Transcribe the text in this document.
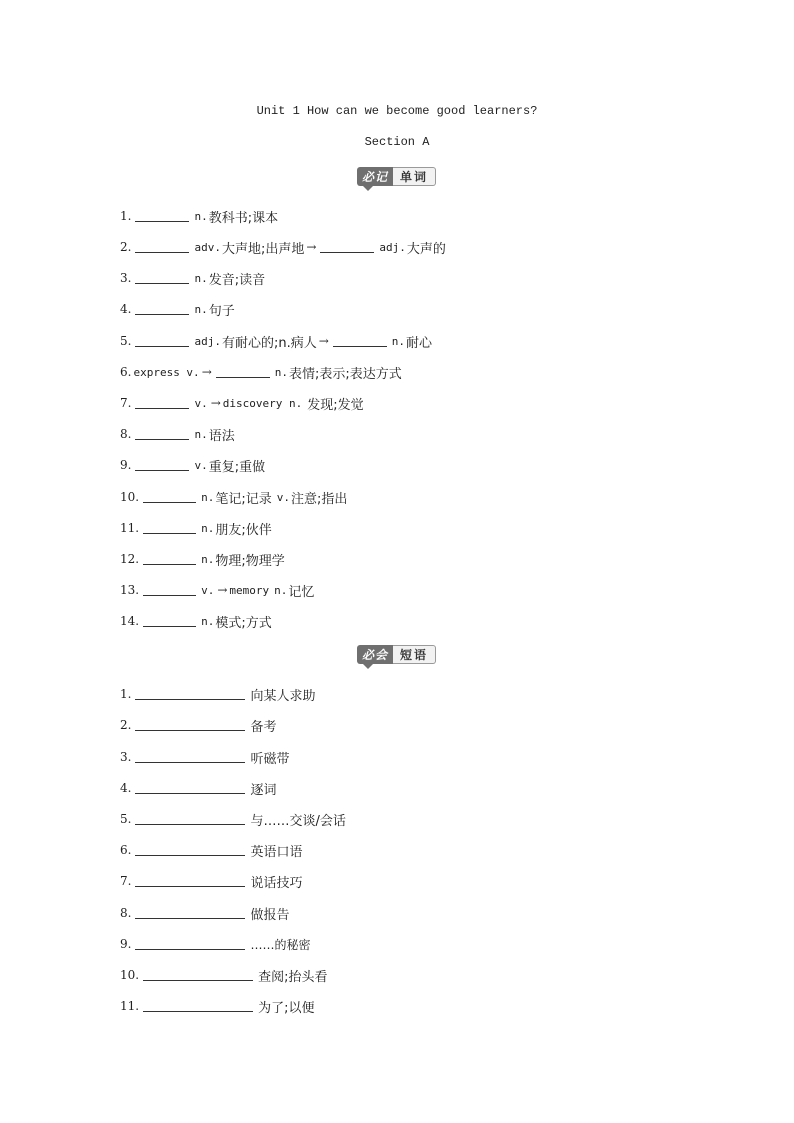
Unit 1 How can we become good learners?
Section A
必记 单词
1.	n. 教科书;课本
2.	adv. 大声地;出声地 →	adj. 大声的
3.	n. 发音;读音
4.	n. 句子
5.	adj. 有耐心的;n.病人 →	n. 耐心
6. express v. →	n. 表情;表示;表达方式
7.	v. → discovery n. 发现;发觉
8.	n. 语法
9.	v. 重复;重做
10.	n. 笔记;记录 v. 注意;指出
11.	n. 朋友;伙伴
12.	n. 物理;物理学
13.	v. → memory n. 记忆
14.	n. 模式;方式
必会 短语
1.	向某人求助
2.	备考
3.	听磁带
4.	逐词
5.	与……交谈/会话
6.	英语口语
7.	说话技巧
8.	做报告
9.	……的秘密
10.	查阅;抬头看
11.	为了;以便
